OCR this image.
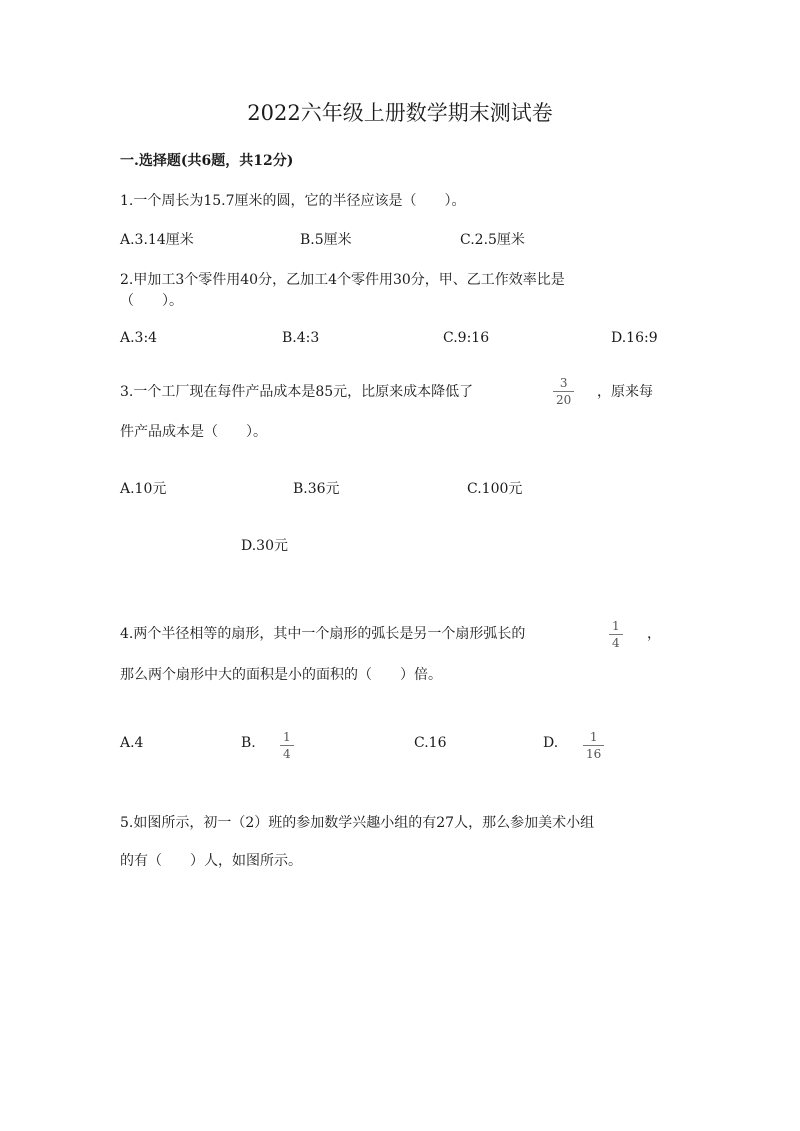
2022六年级上册数学期末测试卷
一.选择题(共6题，共12分)
1.一个周长为15.7厘米的圆，它的半径应该是（　　）。
A.3.14厘米	B.5厘米	C.2.5厘米
2.甲加工3个零件用40分，乙加工4个零件用30分，甲、乙工作效率比是
（　　）。
A.3:4	B.4:3	C.9:16	D.16:9
3.一个工厂现在每件产品成本是85元，比原来成本降低了
3
20 ，原来每
件产品成本是（　　）。
A.10元	B.36元	C.100元
D.30元
4.两个半径相等的扇形，其中一个扇形的弧长是另一个扇形弧长的	1
4
，
那么两个扇形中大的面积是小的面积的（　　）倍。
A.4	B. 1
4
C.16	D.	1
16
5.如图所示，初一（2）班的参加数学兴趣小组的有27人，那么参加美术小组
的有（　　）人，如图所示。
